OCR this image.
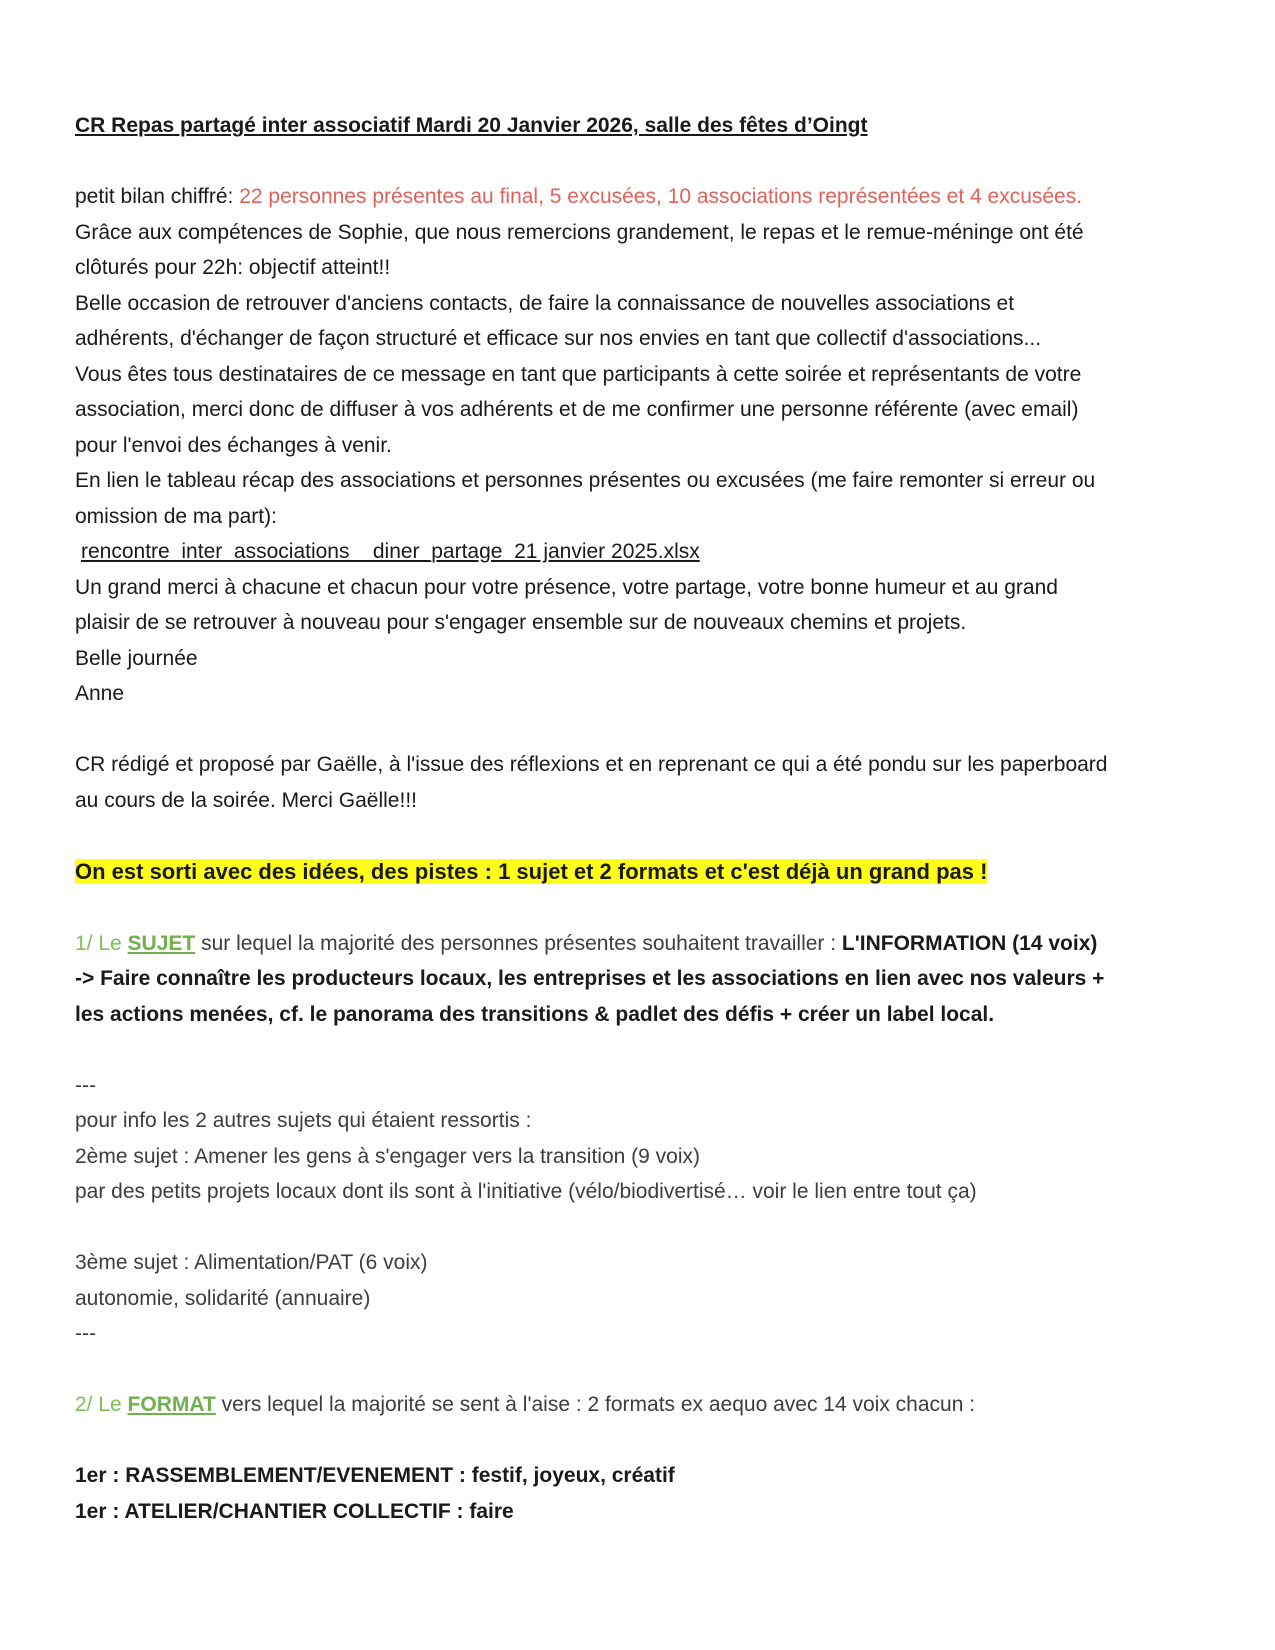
CR Repas partagé inter associatif Mardi 20 Janvier 2026, salle des fêtes d’Oingt

petit bilan chiffré: 22 personnes présentes au final, 5 excusées, 10 associations représentées et 4 excusées.

Grâce aux compétences de Sophie, que nous remercions grandement, le repas et le remue-méninge ont été

clôturés pour 22h: objectif atteint!!

Belle occasion de retrouver d'anciens contacts, de faire la connaissance de nouvelles associations et

adhérents, d'échanger de façon structuré et efficace sur nos envies en tant que collectif d'associations...

Vous êtes tous destinataires de ce message en tant que participants à cette soirée et représentants de votre

association, merci donc de diffuser à vos adhérents et de me confirmer une personne référente (avec email)

pour l'envoi des échanges à venir.

En lien le tableau récap des associations et personnes présentes ou excusées (me faire remonter si erreur ou

omission de ma part):

rencontre_inter_associations__diner_partage_21 janvier 2025.xlsx

Un grand merci à chacune et chacun pour votre présence, votre partage, votre bonne humeur et au grand

plaisir de se retrouver à nouveau pour s'engager ensemble sur de nouveaux chemins et projets.

Belle journée

Anne

CR rédigé et proposé par Gaëlle, à l'issue des réflexions et en reprenant ce qui a été pondu sur les paperboard

au cours de la soirée. Merci Gaëlle!!!

On est sorti avec des idées, des pistes : 1 sujet et 2 formats et c'est déjà un grand pas !

1/ Le SUJET sur lequel la majorité des personnes présentes souhaitent travailler : L'INFORMATION (14 voix)

-> Faire connaître les producteurs locaux, les entreprises et les associations en lien avec nos valeurs +

les actions menées, cf. le panorama des transitions & padlet des défis + créer un label local.

---

pour info les 2 autres sujets qui étaient ressortis :

2ème sujet : Amener les gens à s'engager vers la transition (9 voix)

par des petits projets locaux dont ils sont à l'initiative (vélo/biodivertisé… voir le lien entre tout ça)

3ème sujet : Alimentation/PAT (6 voix)

autonomie, solidarité (annuaire)

---

2/ Le FORMAT vers lequel la majorité se sent à l'aise : 2 formats ex aequo avec 14 voix chacun :

1er : RASSEMBLEMENT/EVENEMENT : festif, joyeux, créatif

1er : ATELIER/CHANTIER COLLECTIF : faire
